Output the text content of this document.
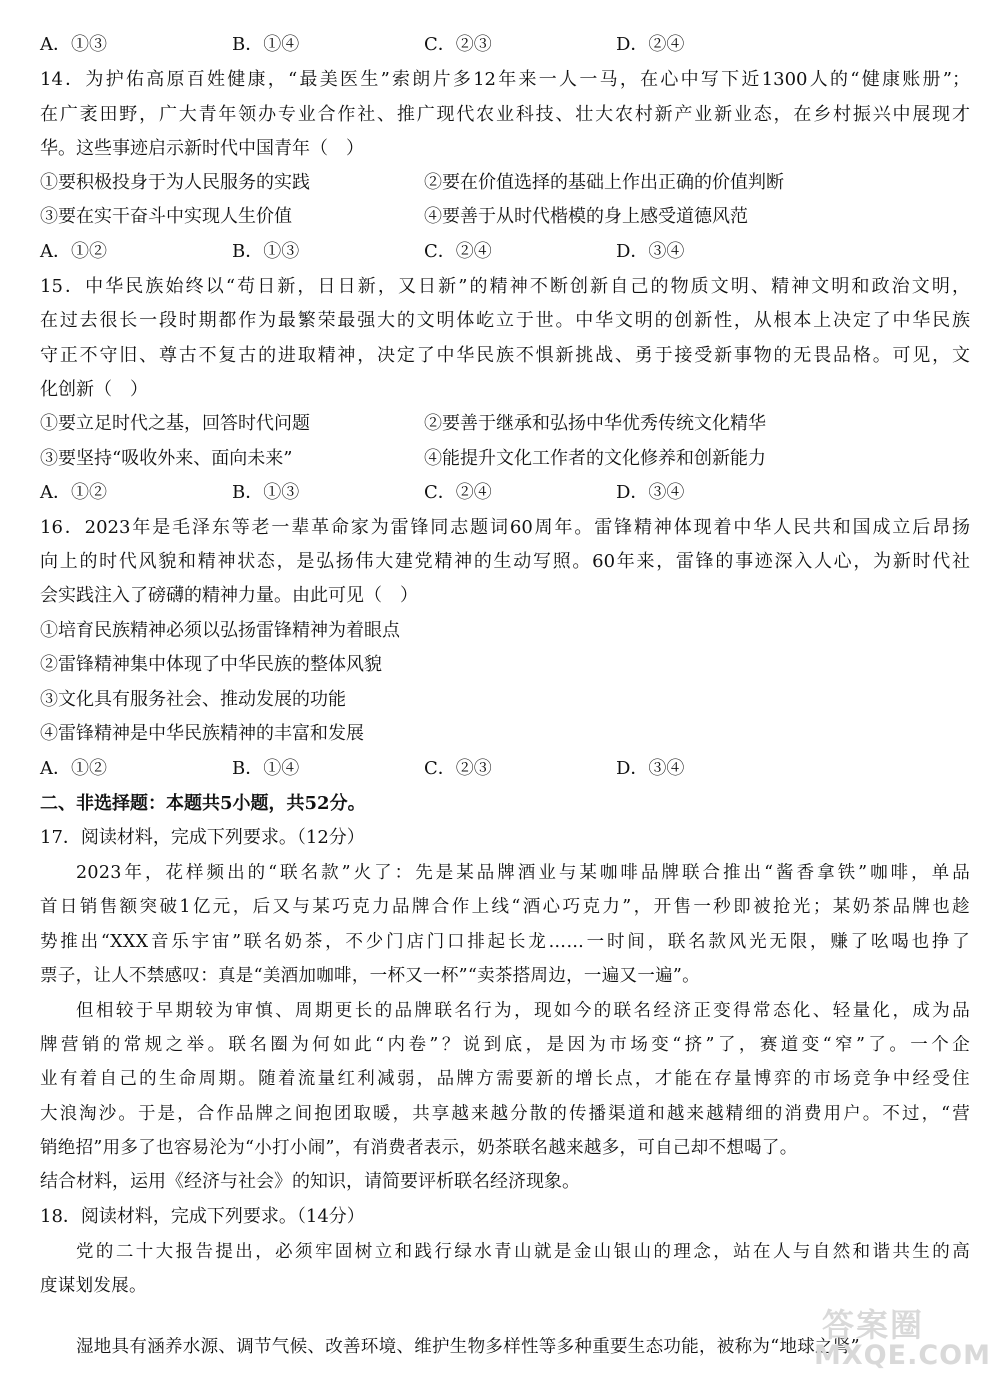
A．①③	B．①④	C．②③	D．②④
14．为护佑高原百姓健康，“最美医生”索朗片多12年来一人一马，在心中写下近1300人的“健康账册”；
在广袤田野，广大青年领办专业合作社、推广现代农业科技、壮大农村新产业新业态，在乡村振兴中展现才
华。这些事迹启示新时代中国青年（　）
①要积极投身于为人民服务的实践	②要在价值选择的基础上作出正确的价值判断
③要在实干奋斗中实现人生价值	④要善于从时代楷模的身上感受道德风范
A．①②	B．①③	C．②④	D．③④
15．中华民族始终以“苟日新，日日新，又日新”的精神不断创新自己的物质文明、精神文明和政治文明，
在过去很长一段时期都作为最繁荣最强大的文明体屹立于世。中华文明的创新性，从根本上决定了中华民族
守正不守旧、尊古不复古的进取精神，决定了中华民族不惧新挑战、勇于接受新事物的无畏品格。可见，文
化创新（　）
①要立足时代之基，回答时代问题	②要善于继承和弘扬中华优秀传统文化精华
③要坚持“吸收外来、面向未来”	④能提升文化工作者的文化修养和创新能力
A．①②	B．①③	C．②④	D．③④
16．2023年是毛泽东等老一辈革命家为雷锋同志题词60周年。雷锋精神体现着中华人民共和国成立后昂扬
向上的时代风貌和精神状态，是弘扬伟大建党精神的生动写照。60年来，雷锋的事迹深入人心，为新时代社
会实践注入了磅礴的精神力量。由此可见（　）
①培育民族精神必须以弘扬雷锋精神为着眼点
②雷锋精神集中体现了中华民族的整体风貌
③文化具有服务社会、推动发展的功能
④雷锋精神是中华民族精神的丰富和发展
A．①②	B．①④	C．②③	D．③④
二、非选择题：本题共5小题，共52分。
17．阅读材料，完成下列要求。（12分）
2023年，花样频出的“联名款”火了：先是某品牌酒业与某咖啡品牌联合推出“酱香拿铁”咖啡，单品
首日销售额突破1亿元，后又与某巧克力品牌合作上线“酒心巧克力”，开售一秒即被抢光；某奶茶品牌也趁
势推出“XXX音乐宇宙”联名奶茶，不少门店门口排起长龙……一时间，联名款风光无限，赚了吆喝也挣了
票子，让人不禁感叹：真是“美酒加咖啡，一杯又一杯”“卖茶搭周边，一遍又一遍”。
但相较于早期较为审慎、周期更长的品牌联名行为，现如今的联名经济正变得常态化、轻量化，成为品
牌营销的常规之举。联名圈为何如此“内卷”？说到底，是因为市场变“挤”了，赛道变“窄”了。一个企
业有着自己的生命周期。随着流量红利减弱，品牌方需要新的增长点，才能在存量博弈的市场竞争中经受住
大浪淘沙。于是，合作品牌之间抱团取暖，共享越来越分散的传播渠道和越来越精细的消费用户。不过，“营
销绝招”用多了也容易沦为“小打小闹”，有消费者表示，奶茶联名越来越多，可自己却不想喝了。
结合材料，运用《经济与社会》的知识，请简要评析联名经济现象。
18．阅读材料，完成下列要求。（14分）
党的二十大报告提出，必须牢固树立和践行绿水青山就是金山银山的理念，站在人与自然和谐共生的高
度谋划发展。
湿地具有涵养水源、调节气候、改善环境、维护生物多样性等多种重要生态功能，被称为“地球之肾”
答案圈
MXQE.COM
